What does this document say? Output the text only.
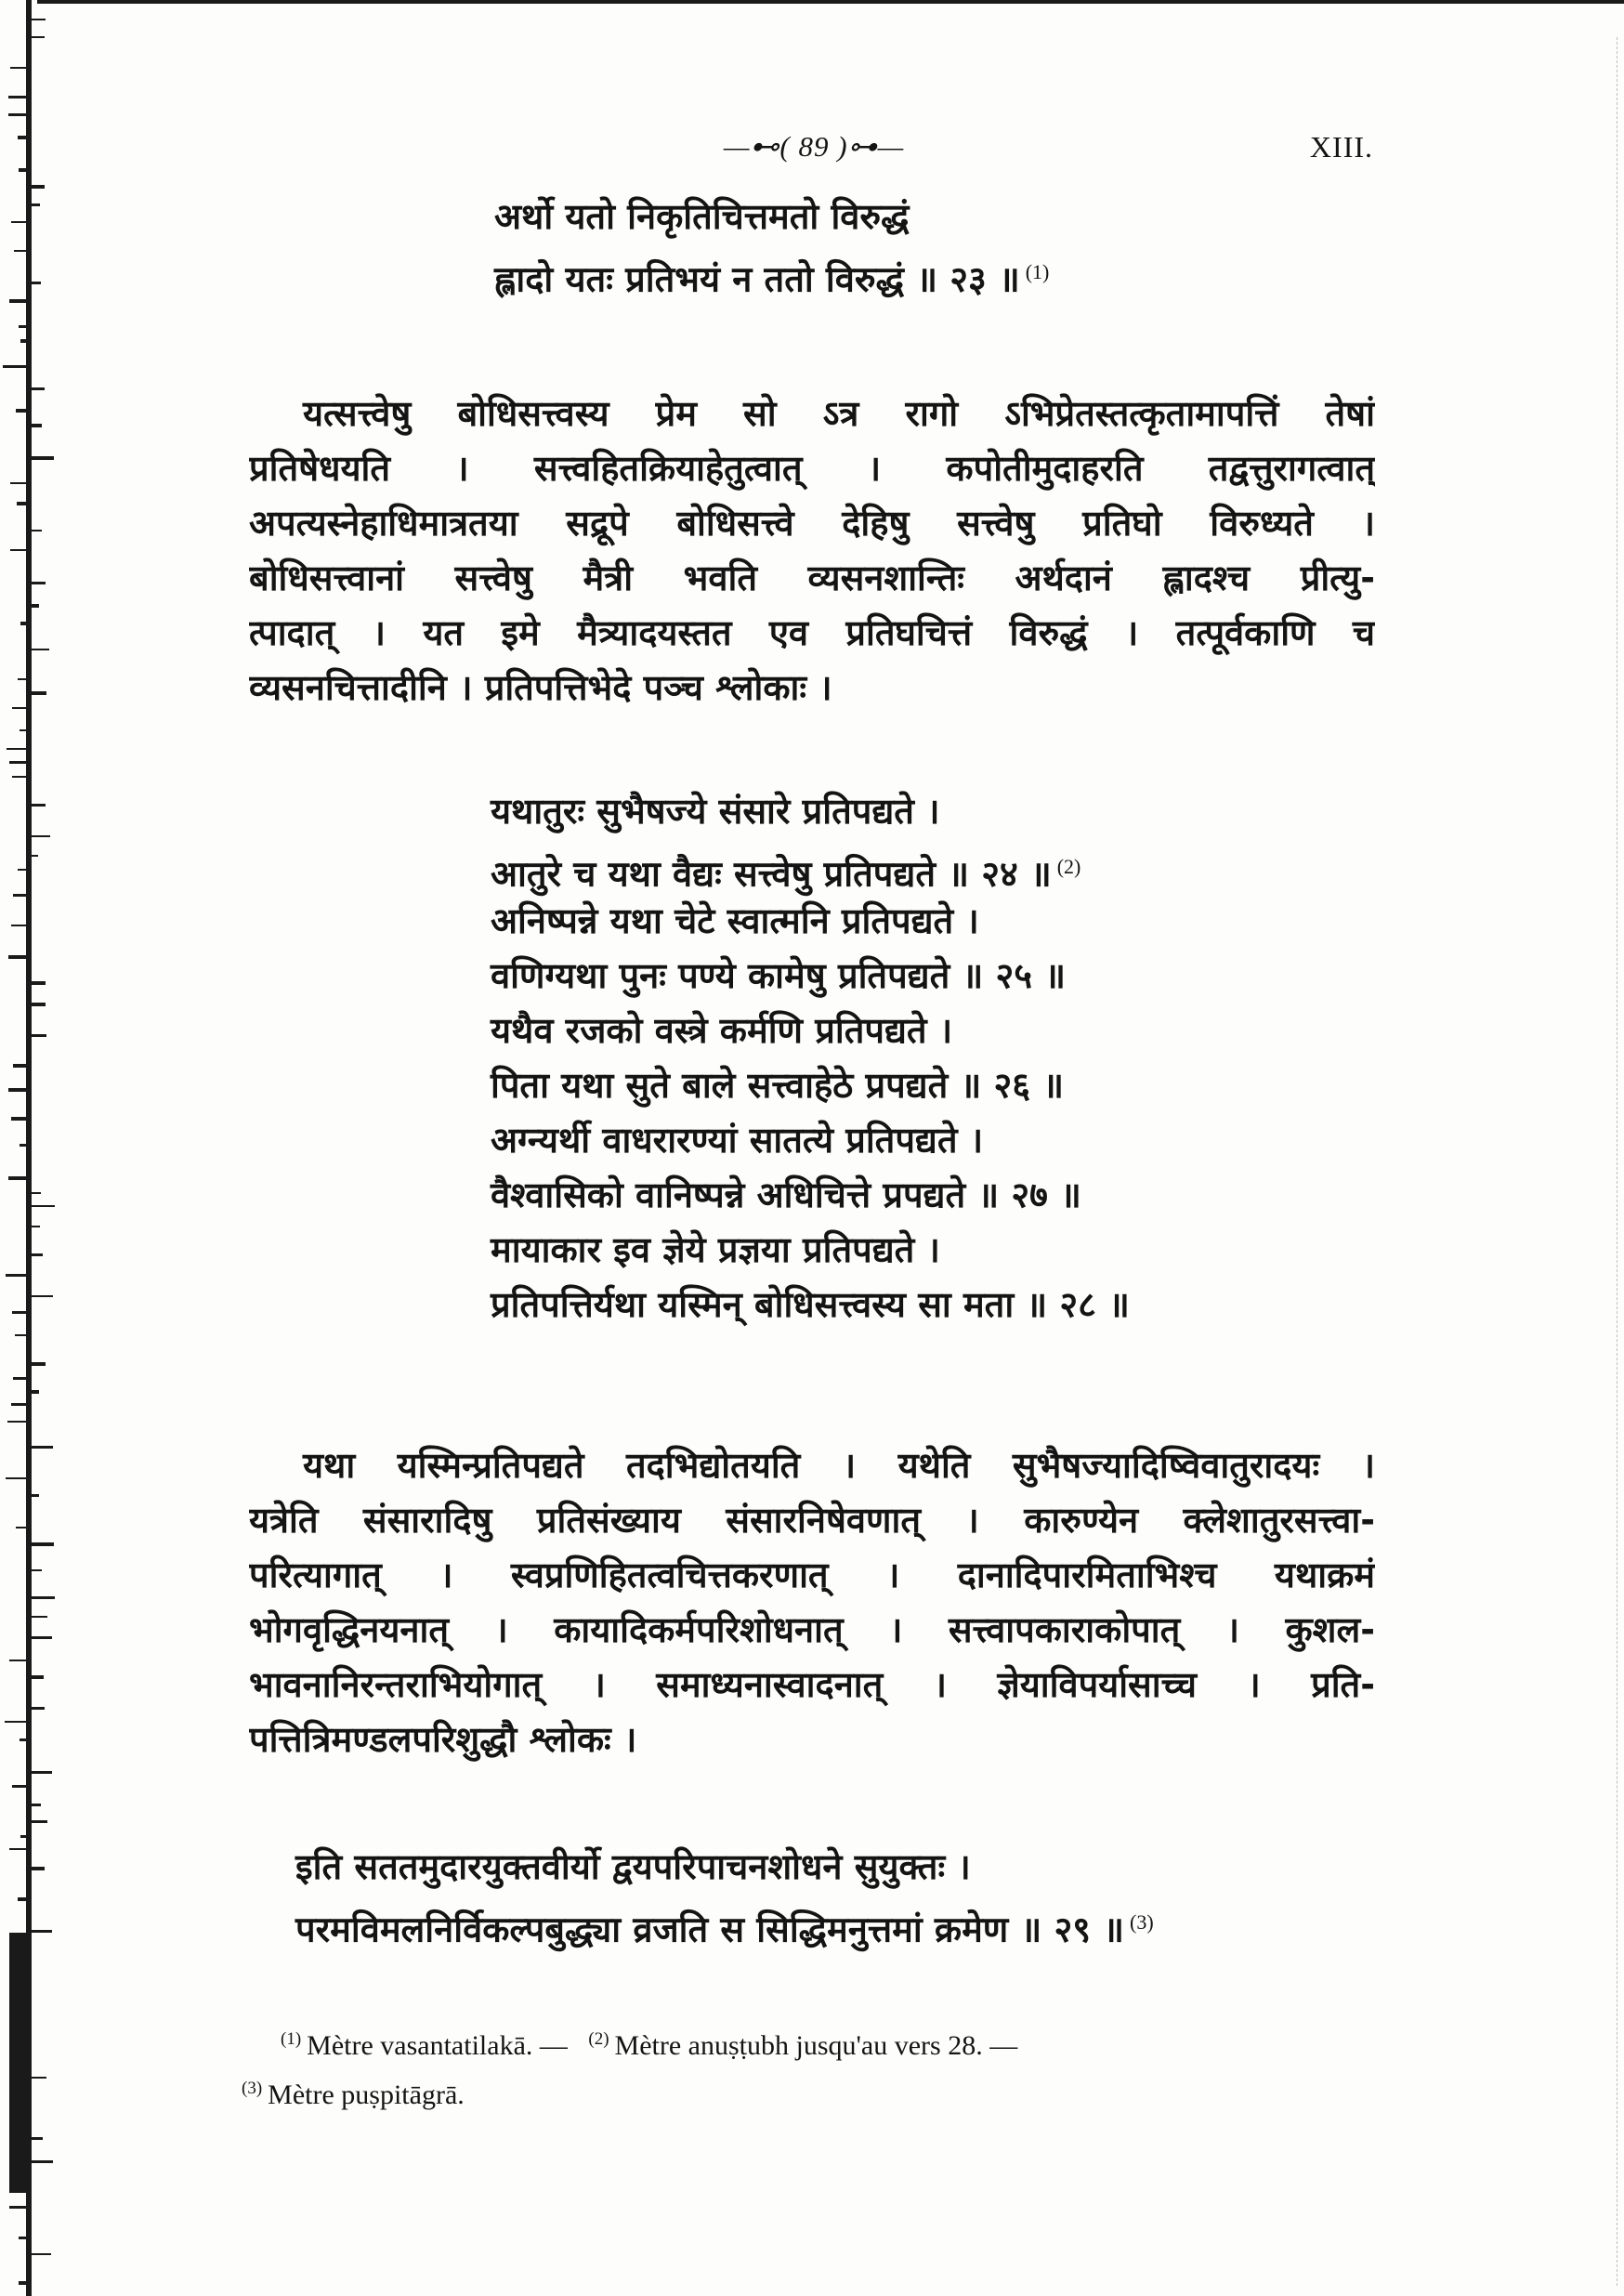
—⊷( 89 )⊶—	XIII.
अर्थो यतो निकृतिचित्तमतो विरुद्धं
ह्लादो यतः प्रतिभयं न ततो विरुद्धं ॥ २३ ॥ $^{(1)}$
यत्सत्त्वेषु बोधिसत्त्वस्य प्रेम सो ऽत्र रागो ऽभिप्रेतस्तत्कृतामापत्तिं तेषां
प्रतिषेधयति । सत्त्वहितक्रियाहेतुत्वात् । कपोतीमुदाहरति तद्वत्तुरागत्वात्
अपत्यस्नेहाधिमात्रतया सद्रूपे बोधिसत्त्वे देहिषु सत्त्वेषु प्रतिघो विरुध्यते ।
बोधिसत्त्वानां सत्त्वेषु मैत्री भवति व्यसनशान्तिः अर्थदानं ह्लादश्च प्रीत्यु-
त्पादात् । यत इमे मैत्र्यादयस्तत एव प्रतिघचित्तं विरुद्धं । तत्पूर्वकाणि च
व्यसनचित्तादीनि । प्रतिपत्तिभेदे पञ्च श्लोकाः ।
यथातुरः सुभैषज्ये संसारे प्रतिपद्यते ।
आतुरे च यथा वैद्यः सत्त्वेषु प्रतिपद्यते ॥ २४ ॥ $^{(2)}$
अनिष्पन्ने यथा चेटे स्वात्मनि प्रतिपद्यते ।
वणिग्यथा पुनः पण्ये कामेषु प्रतिपद्यते ॥ २५ ॥
यथैव रजको वस्त्रे कर्मणि प्रतिपद्यते ।
पिता यथा सुते बाले सत्त्वाहेठे प्रपद्यते ॥ २६ ॥
अग्न्यर्थी वाधरारण्यां सातत्ये प्रतिपद्यते ।
वैश्वासिको वानिष्पन्ने अधिचित्ते प्रपद्यते ॥ २७ ॥
मायाकार इव ज्ञेये प्रज्ञया प्रतिपद्यते ।
प्रतिपत्तिर्यथा यस्मिन् बोधिसत्त्वस्य सा मता ॥ २८ ॥
यथा यस्मिन्प्रतिपद्यते तदभिद्योतयति । यथेति सुभैषज्यादिष्विवातुरादयः ।
यत्रेति संसारादिषु प्रतिसंख्याय संसारनिषेवणात् । कारुण्येन क्लेशातुरसत्त्वा-
परित्यागात् । स्वप्रणिहितत्वचित्तकरणात् । दानादिपारमिताभिश्च यथाक्रमं
भोगवृद्धिनयनात् । कायादिकर्मपरिशोधनात् । सत्त्वापकाराकोपात् । कुशल-
भावनानिरन्तराभियोगात् । समाध्यनास्वादनात् । ज्ञेयाविपर्यासाच्च । प्रति-
पत्तित्रिमण्डलपरिशुद्धौ श्लोकः ।
इति सततमुदारयुक्तवीर्यो द्वयपरिपाचनशोधने सुयुक्तः ।
परमविमलनिर्विकल्पबुद्ध्या व्रजति स सिद्धिमनुत्तमां क्रमेण ॥ २९ ॥ $^{(3)}$
$^{(1)}$ Mètre vasantatilakā. — $^{(2)}$ Mètre anuṣṭubh jusqu'au vers 28. —
$^{(3)}$ Mètre puṣpitāgrā.
